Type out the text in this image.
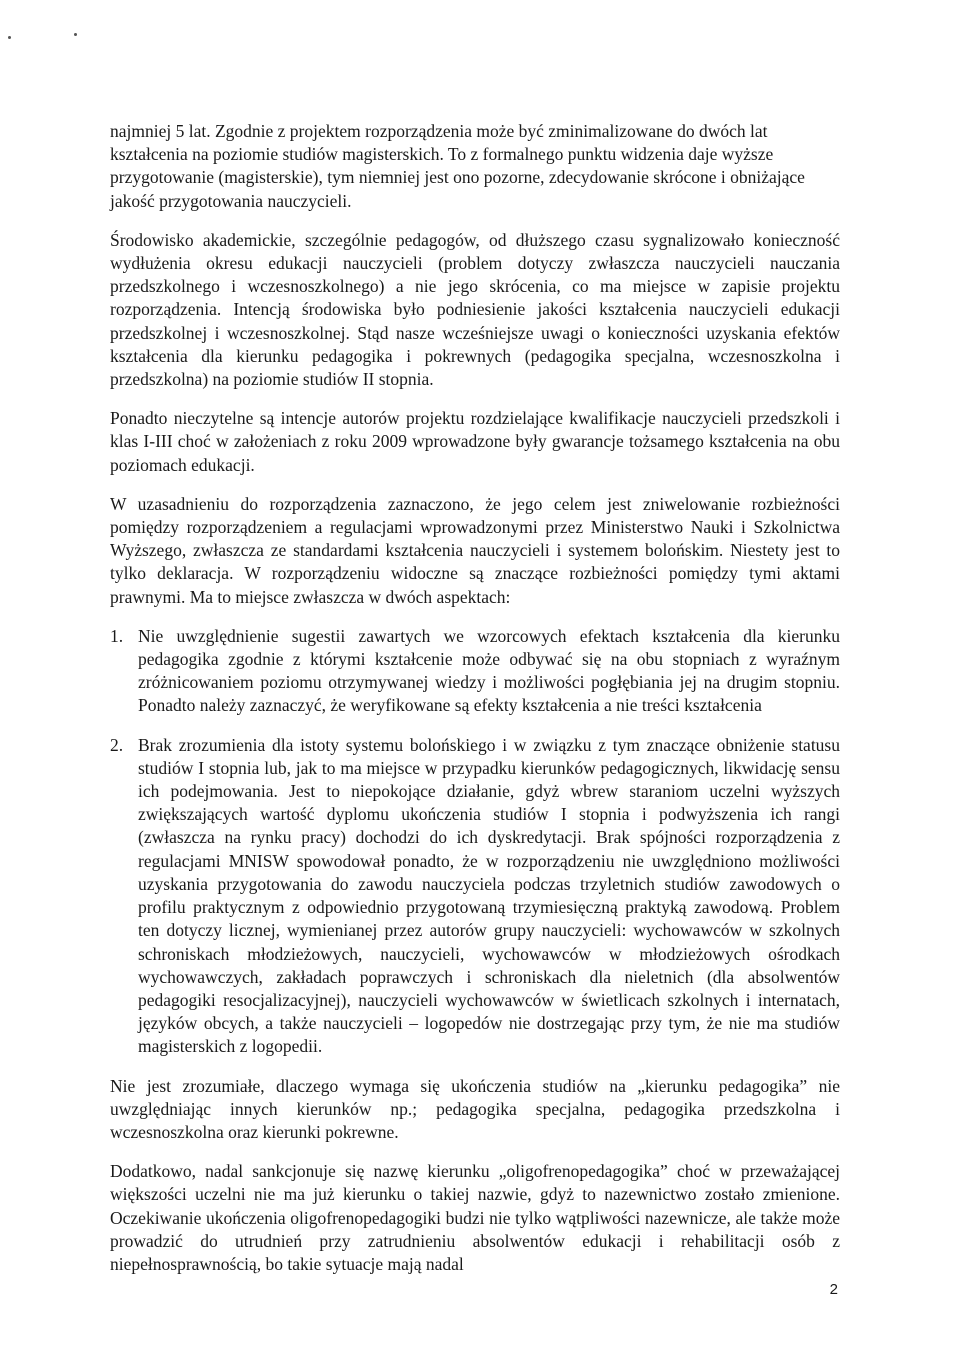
najmniej 5 lat. Zgodnie z projektem rozporządzenia może być zminimalizowane do dwóch lat kształcenia na poziomie studiów magisterskich. To z formalnego punktu widzenia daje wyższe przygotowanie (magisterskie), tym niemniej jest ono pozorne, zdecydowanie skrócone i obniżające jakość przygotowania nauczycieli.

Środowisko akademickie, szczególnie pedagogów, od dłuższego czasu sygnalizowało konieczność wydłużenia okresu edukacji nauczycieli (problem dotyczy zwłaszcza nauczycieli nauczania przedszkolnego i wczesnoszkolnego) a nie jego skrócenia, co ma miejsce w zapisie projektu rozporządzenia. Intencją środowiska było podniesienie jakości kształcenia nauczycieli edukacji przedszkolnej i wczesnoszkolnej. Stąd nasze wcześniejsze uwagi o konieczności uzyskania efektów kształcenia dla kierunku pedagogika i pokrewnych (pedagogika specjalna, wczesnoszkolna i przedszkolna) na poziomie studiów II stopnia.

Ponadto nieczytelne są intencje autorów projektu rozdzielające kwalifikacje nauczycieli przedszkoli i klas I-III choć w założeniach z roku 2009 wprowadzone były gwarancje tożsamego kształcenia na obu poziomach edukacji.

W uzasadnieniu do rozporządzenia zaznaczono, że jego celem jest zniwelowanie rozbieżności pomiędzy rozporządzeniem a regulacjami wprowadzonymi przez Ministerstwo Nauki i Szkolnictwa Wyższego, zwłaszcza ze standardami kształcenia nauczycieli i systemem bolońskim. Niestety jest to tylko deklaracja. W rozporządzeniu widoczne są znaczące rozbieżności pomiędzy tymi aktami prawnymi. Ma to miejsce zwłaszcza w dwóch aspektach:

1. Nie uwzględnienie sugestii zawartych we wzorcowych efektach kształcenia dla kierunku pedagogika zgodnie z którymi kształcenie może odbywać się na obu stopniach z wyraźnym zróżnicowaniem poziomu otrzymywanej wiedzy i możliwości pogłębiania jej na drugim stopniu. Ponadto należy zaznaczyć, że weryfikowane są efekty kształcenia a nie treści kształcenia
2. Brak zrozumienia dla istoty systemu bolońskiego i w związku z tym znaczące obniżenie statusu studiów I stopnia lub, jak to ma miejsce w przypadku kierunków pedagogicznych, likwidację sensu ich podejmowania. Jest to niepokojące działanie, gdyż wbrew staraniom uczelni wyższych zwiększających wartość dyplomu ukończenia studiów I stopnia i podwyższenia ich rangi (zwłaszcza na rynku pracy) dochodzi do ich dyskredytacji. Brak spójności rozporządzenia z regulacjami MNISW spowodował ponadto, że w rozporządzeniu nie uwzględniono możliwości uzyskania przygotowania do zawodu nauczyciela podczas trzyletnich studiów zawodowych o profilu praktycznym z odpowiednio przygotowaną trzymiesięczną praktyką zawodową. Problem ten dotyczy licznej, wymienianej przez autorów grupy nauczycieli: wychowawców w szkolnych schroniskach młodzieżowych, nauczycieli, wychowawców w młodzieżowych ośrodkach wychowawczych, zakładach poprawczych i schroniskach dla nieletnich (dla absolwentów pedagogiki resocjalizacyjnej), nauczycieli wychowawców w świetlicach szkolnych i internatach, języków obcych, a także nauczycieli – logopedów nie dostrzegając przy tym, że nie ma studiów magisterskich z logopedii.

Nie jest zrozumiałe, dlaczego wymaga się ukończenia studiów na „kierunku pedagogika” nie uwzględniając innych kierunków np.; pedagogika specjalna, pedagogika przedszkolna i wczesnoszkolna oraz kierunki pokrewne.

Dodatkowo, nadal sankcjonuje się nazwę kierunku „oligofrenopedagogika” choć w przeważającej większości uczelni nie ma już kierunku o takiej nazwie, gdyż to nazewnictwo zostało zmienione. Oczekiwanie ukończenia oligofrenopedagogiki budzi nie tylko wątpliwości nazewnicze, ale także może prowadzić do utrudnień przy zatrudnieniu absolwentów edukacji i rehabilitacji osób z niepełnosprawnością, bo takie sytuacje mają nadal

2
